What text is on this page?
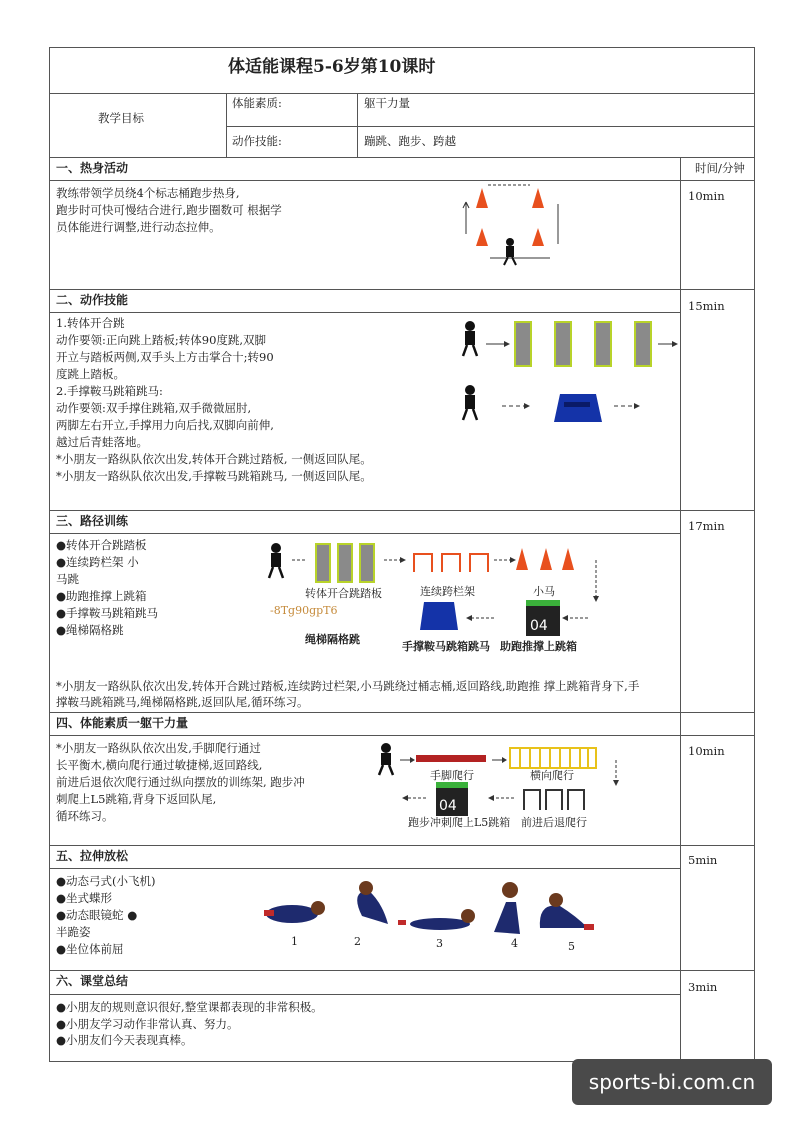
体适能课程5-6岁第10课时
教学目标
体能素质:	躯干力量
动作技能:	蹦跳、跑步、跨越
时间/分钟
一、热身活动
教练带领学员绕4个标志桶跑步热身,
跑步时可快可慢结合进行,跑步圈数可 根据学
员体能进行调整,进行动态拉伸。
10min
二、动作技能
1.转体开合跳
动作要领:正向跳上踏板;转体90度跳,双脚
开立与踏板两侧,双手头上方击掌合十;转90
度跳上踏板。
2.手撑鞍马跳箱跳马:
动作要领:双手撑住跳箱,双手微微屈肘,
两脚左右开立,手撑用力向后找,双脚向前伸,
越过后青蛙落地。
*小朋友一路纵队依次出发,转体开合跳过踏板, 一侧返回队尾。
*小朋友一路纵队依次出发,手撑鞍马跳箱跳马, 一侧返回队尾。
15min
三、路径训练
●转体开合跳踏板
●连续跨栏架 小
马跳
●助跑推撑上跳箱
●手撑鞍马跳箱跳马
●绳梯隔格跳
17min
04
转体开合跳踏板	连续跨栏架	小马
-8Tg90gpT6
绳梯隔格跳
手撑鞍马跳箱跳马 助跑推撑上跳箱
*小朋友一路纵队依次出发,转体开合跳过踏板,连续跨过栏架,小马跳绕过桶志桶,返回路线,助跑推 撑上跳箱背身下,手
撑鞍马跳箱跳马,绳梯隔格跳,返回队尾,循环练习。
四、体能素质一躯干力量
*小朋友一路纵队依次出发,手脚爬行通过
长平衡木,横向爬行通过敏捷梯,返回路线,
前进后退依次爬行通过纵向摆放的训练架, 跑步冲
刺爬上L5跳箱,背身下返回队尾,
循环练习。
10min
04
手脚爬行	横向爬行
跑步冲刺爬上L5跳箱 前进后退爬行
五、拉伸放松
●动态弓式(小飞机)
●坐式蝶形
●动态眼镜蛇 ●
半跪姿
●坐位体前屈
5min
1	2	3	4	5
六、课堂总结
●小朋友的规则意识很好,整堂课都表现的非常积极。
●小朋友学习动作非常认真、努力。
●小朋友们今天表现真棒。
3min
sports-bi.com.cn
